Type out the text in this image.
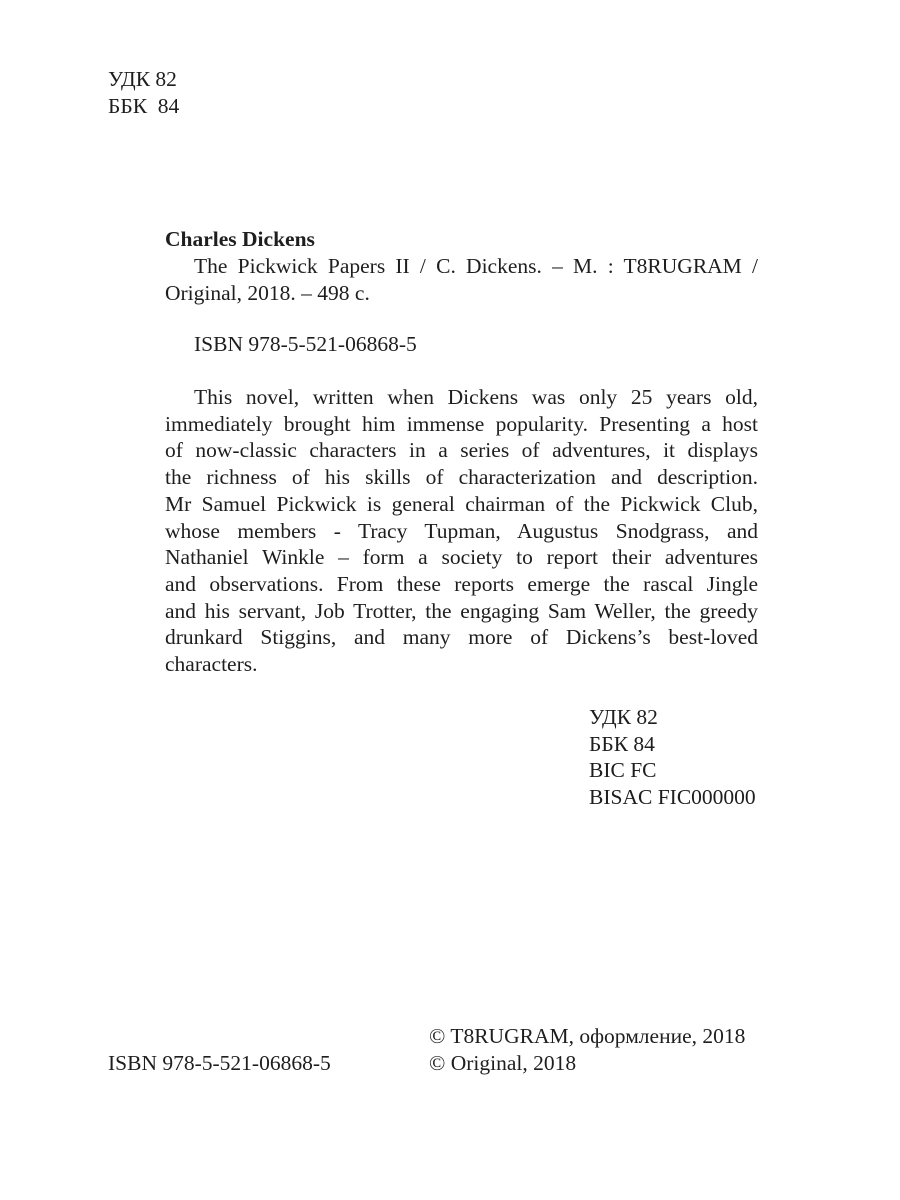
УДК 82
ББК  84
Charles Dickens
The Pickwick Papers II / C. Dickens. – M. : T8RUGRAM /
Original, 2018. – 498 c.
ISBN 978-5-521-06868-5
This novel, written when Dickens was only 25 years old,
immediately brought him immense popularity. Presenting a host
of now-classic characters in a series of adventures, it displays
the richness of his skills of characterization and description.
Mr Samuel Pickwick is general chairman of the Pickwick Club,
whose members - Tracy Tupman, Augustus Snodgrass, and
Nathaniel Winkle – form a society to report their adventures
and observations. From these reports emerge the rascal Jingle
and his servant, Job Trotter, the engaging Sam Weller, the greedy
drunkard Stiggins, and many more of Dickens’s best-loved
characters.
УДК 82
ББК 84
BIC FC
BISAC FIC000000
ISBN 978-5-521-06868-5
© T8RUGRAM, оформление, 2018
© Original, 2018
